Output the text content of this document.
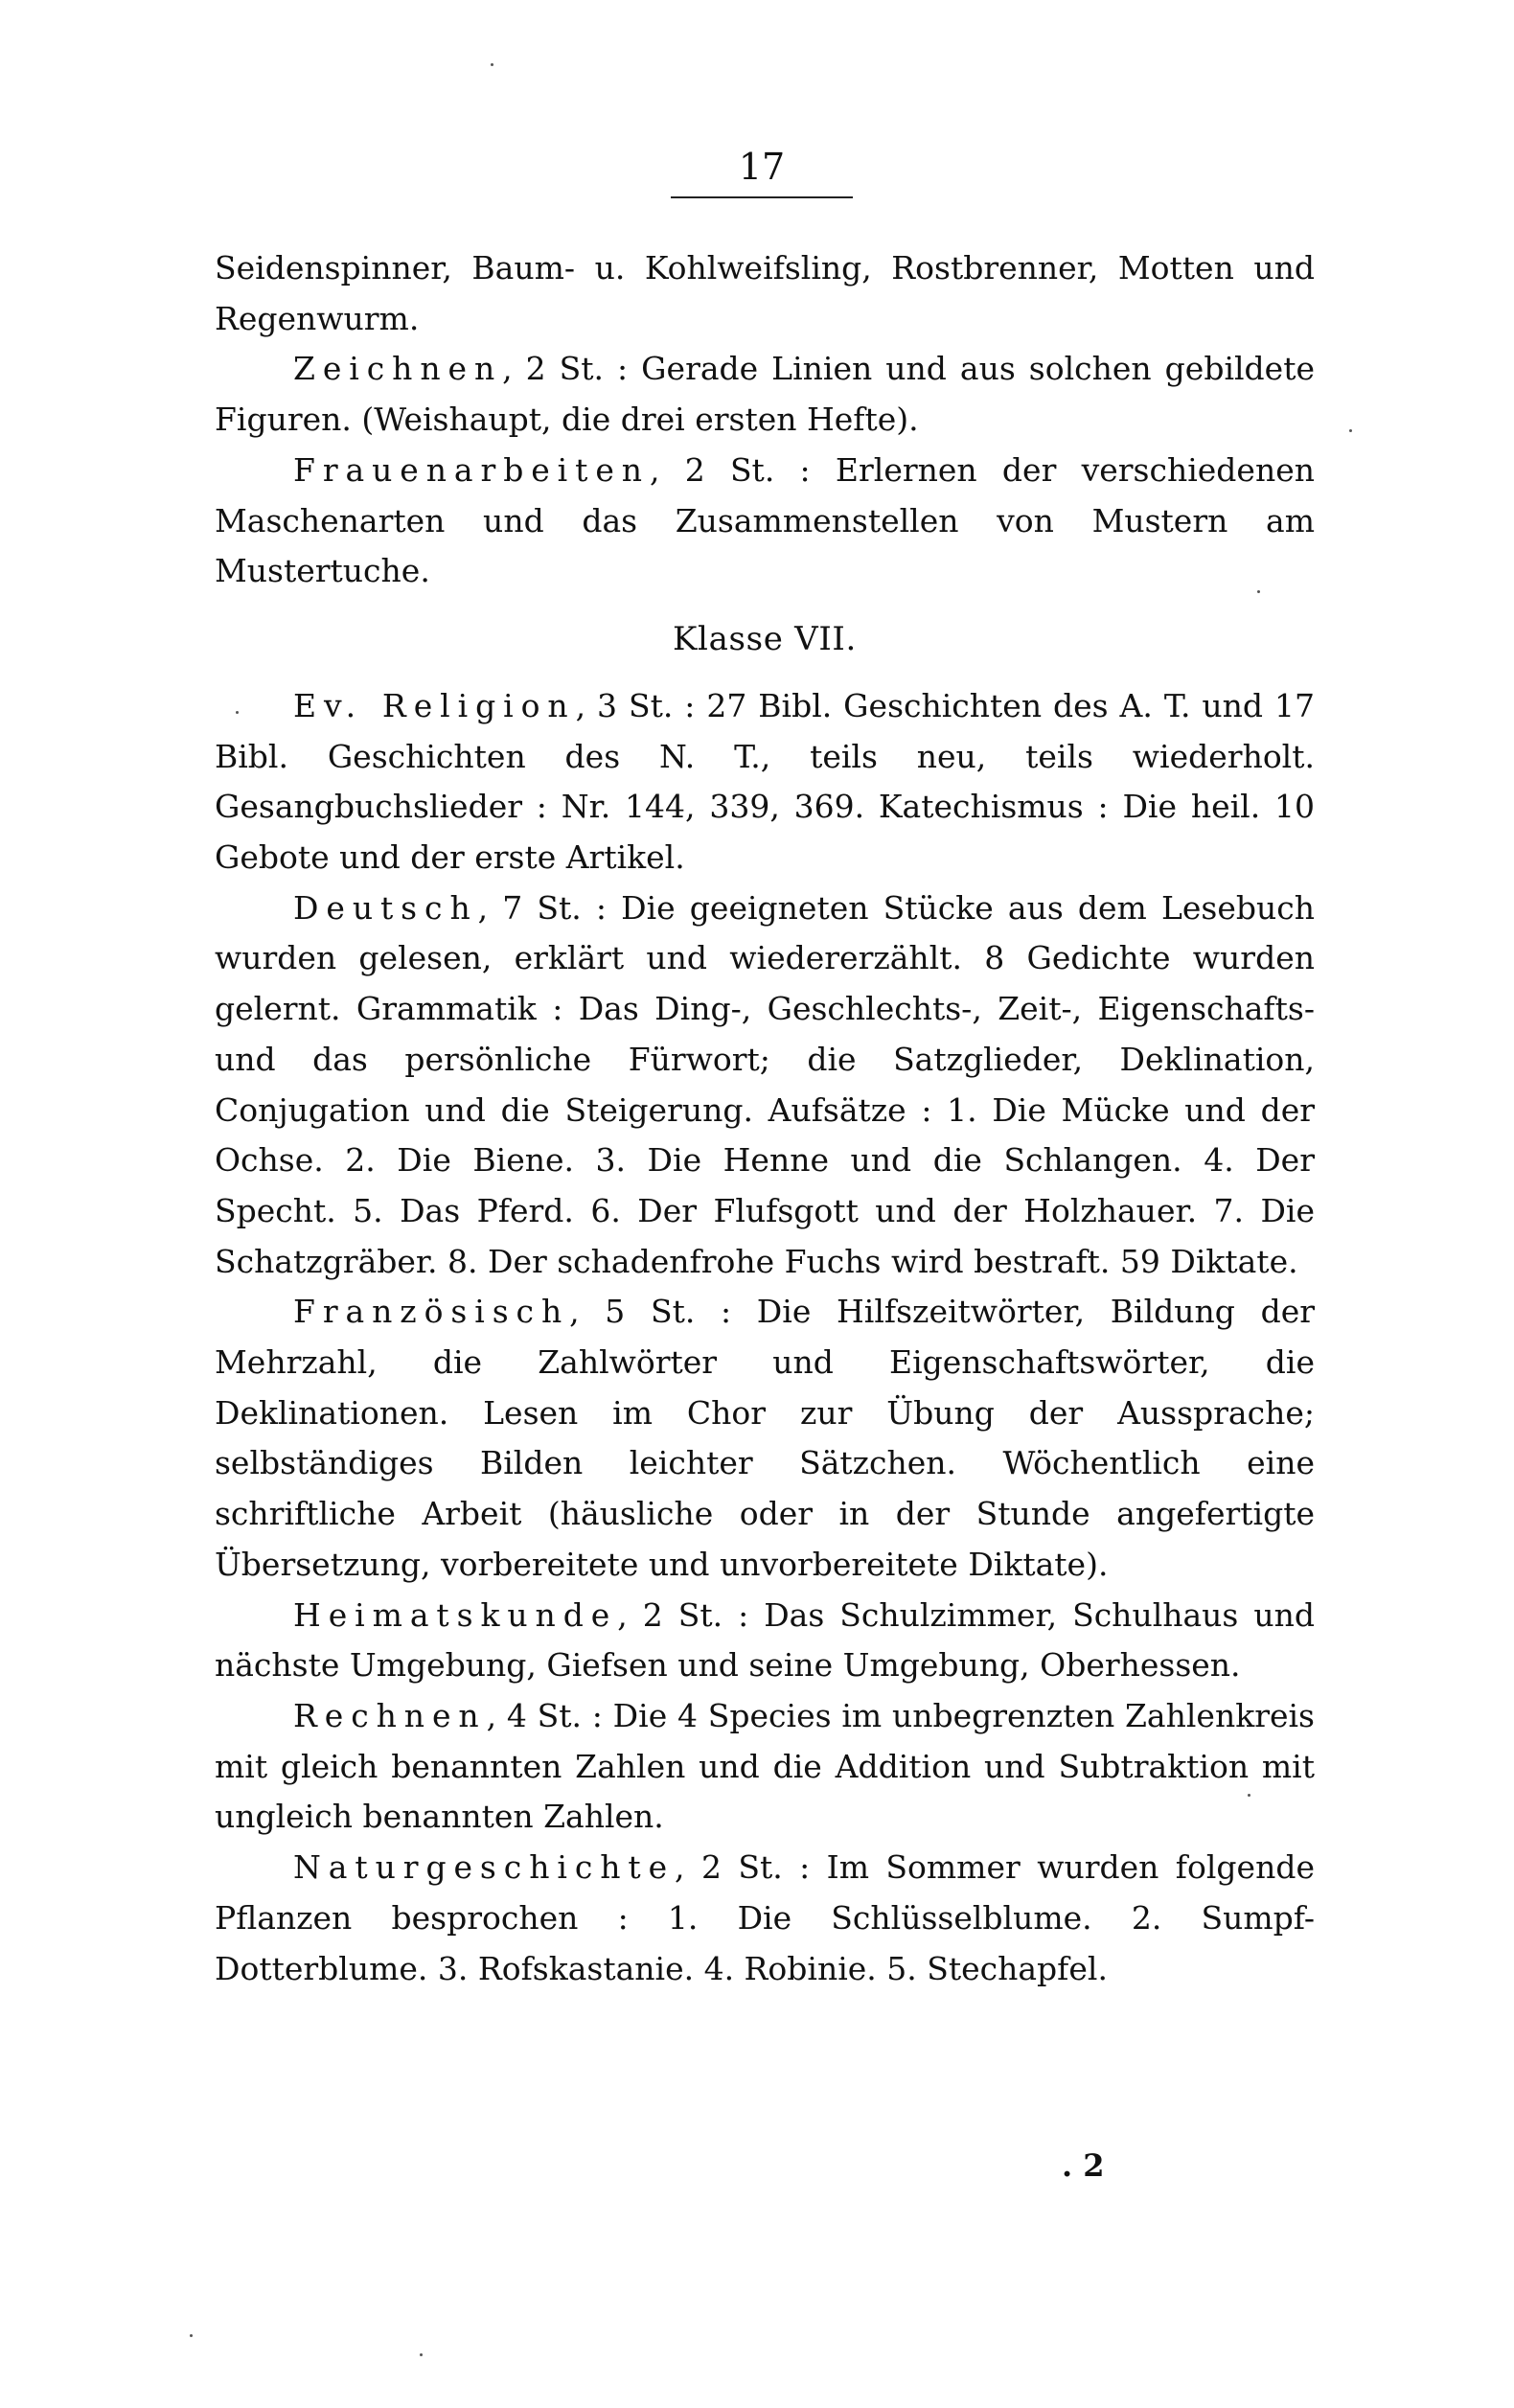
17

Seidenspinner, Baum- u. Kohlweifsling, Rostbrenner, Motten und Regenwurm.

Zeichnen, 2 St. : Gerade Linien und aus solchen gebildete Figuren. (Weishaupt, die drei ersten Hefte).

Frauenarbeiten, 2 St. : Erlernen der verschiedenen Maschenarten und das Zusammenstellen von Mustern am Mustertuche.

Klasse VII.

Ev. Religion, 3 St. : 27 Bibl. Geschichten des A. T. und 17 Bibl. Geschichten des N. T., teils neu, teils wiederholt. Gesangbuchslieder : Nr. 144, 339, 369. Katechismus : Die heil. 10 Gebote und der erste Artikel.

Deutsch, 7 St. : Die geeigneten Stücke aus dem Lesebuch wurden gelesen, erklärt und wiedererzählt. 8 Gedichte wurden gelernt. Grammatik : Das Ding-, Geschlechts-, Zeit-, Eigenschafts- und das persönliche Fürwort; die Satzglieder, Deklination, Conjugation und die Steigerung. Aufsätze : 1. Die Mücke und der Ochse. 2. Die Biene. 3. Die Henne und die Schlangen. 4. Der Specht. 5. Das Pferd. 6. Der Flufsgott und der Holzhauer. 7. Die Schatzgräber. 8. Der schadenfrohe Fuchs wird bestraft. 59 Diktate.

Französisch, 5 St. : Die Hilfszeitwörter, Bildung der Mehrzahl, die Zahlwörter und Eigenschaftswörter, die Deklinationen. Lesen im Chor zur Übung der Aussprache; selbständiges Bilden leichter Sätzchen. Wöchentlich eine schriftliche Arbeit (häusliche oder in der Stunde angefertigte Übersetzung, vorbereitete und unvorbereitete Diktate).

Heimatskunde, 2 St. : Das Schulzimmer, Schulhaus und nächste Umgebung, Giefsen und seine Umgebung, Oberhessen.

Rechnen, 4 St. : Die 4 Species im unbegrenzten Zahlenkreis mit gleich benannten Zahlen und die Addition und Subtraktion mit ungleich benannten Zahlen.

Naturgeschichte, 2 St. : Im Sommer wurden folgende Pflanzen besprochen : 1. Die Schlüsselblume. 2. Sumpf-Dotterblume. 3. Rofskastanie. 4. Robinie. 5. Stechapfel.

. 2
